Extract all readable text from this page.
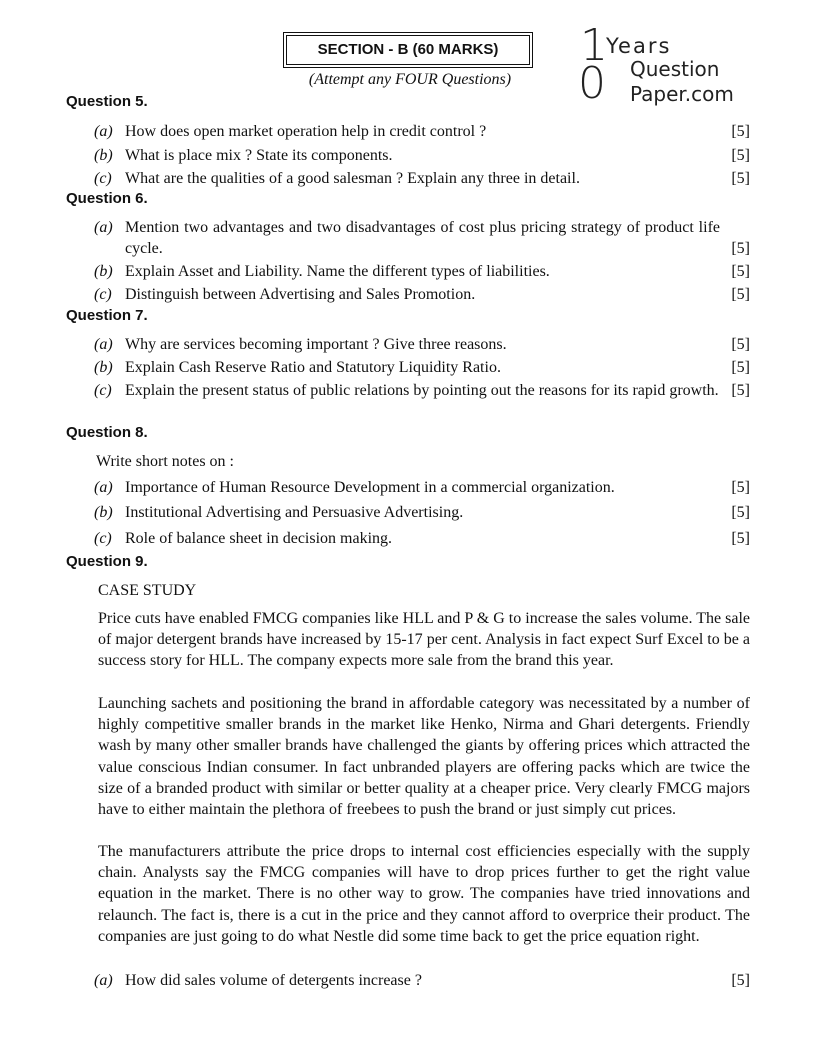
SECTION - B (60 MARKS)
(Attempt any FOUR Questions)
1
0
Years
Question
Paper.com
Question 5.
(a) How does open market operation help in credit control ?	[5]
(b) What is place mix ? State its components.	[5]
(c) What are the qualities of a good salesman ? Explain any three in detail.	[5]
Question 6.
(a) Mention two advantages and two disadvantages of cost plus pricing strategy of product life cycle.	[5]
(b) Explain Asset and Liability. Name the different types of liabilities.	[5]
(c) Distinguish between Advertising and Sales Promotion.	[5]
Question 7.
(a) Why are services becoming important ? Give three reasons.	[5]
(b) Explain Cash Reserve Ratio and Statutory Liquidity Ratio.	[5]
(c) Explain the present status of public relations by pointing out the reasons for its rapid growth. [5]
Question 8.
Write short notes on :
(a) Importance of Human Resource Development in a commercial organization.	[5]
(b) Institutional Advertising and Persuasive Advertising.	[5]
(c) Role of balance sheet in decision making.	[5]
Question 9.
CASE STUDY
Price cuts have enabled FMCG companies like HLL and P & G to increase the sales volume. The sale of major detergent brands have increased by 15-17 per cent. Analysis in fact expect Surf Excel to be a success story for HLL. The company expects more sale from the brand this year.
Launching sachets and positioning the brand in affordable category was necessitated by a number of highly competitive smaller brands in the market like Henko, Nirma and Ghari detergents. Friendly wash by many other smaller brands have challenged the giants by offering prices which attracted the value conscious Indian consumer. In fact unbranded players are offering packs which are twice the size of a branded product with similar or better quality at a cheaper price. Very clearly FMCG majors have to either maintain the plethora of freebees to push the brand or just simply cut prices.
The manufacturers attribute the price drops to internal cost efficiencies especially with the supply chain. Analysts say the FMCG companies will have to drop prices further to get the right value equation in the market. There is no other way to grow. The companies have tried innovations and relaunch. The fact is, there is a cut in the price and they cannot afford to overprice their product. The companies are just going to do what Nestle did some time back to get the price equation right.
(a) How did sales volume of detergents increase ?	[5]
